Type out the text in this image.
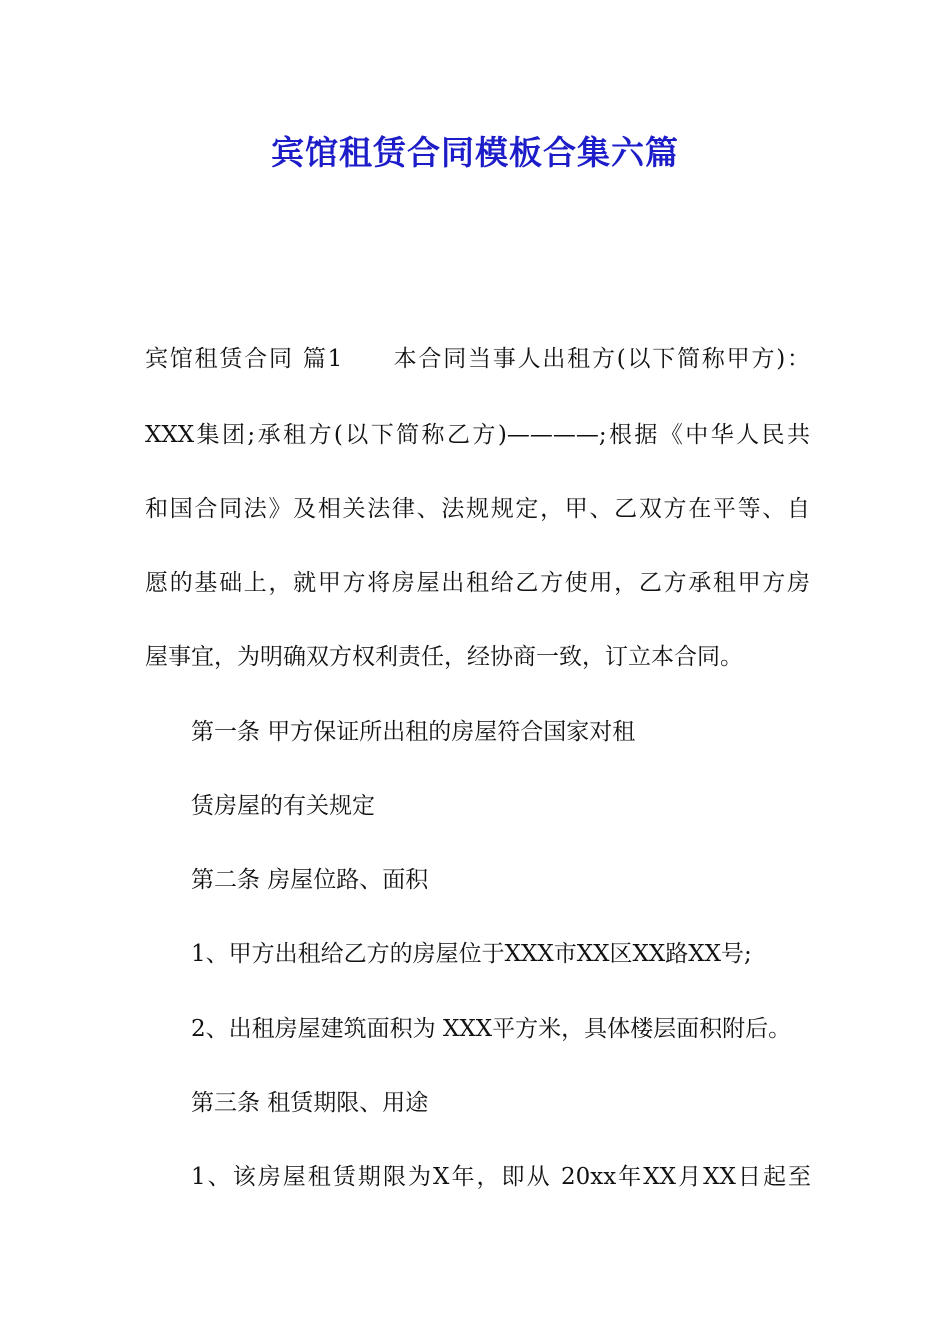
宾馆租赁合同模板合集六篇

宾馆租赁合同 篇1　　本合同当事人出租方(以下简称甲方)：

XXX集团;承租方(以下简称乙方)————;根据《中华人民共

和国合同法》及相关法律、法规规定，甲、乙双方在平等、自

愿的基础上，就甲方将房屋出租给乙方使用，乙方承租甲方房

屋事宜，为明确双方权利责任，经协商一致，订立本合同。

第一条 甲方保证所出租的房屋符合国家对租

赁房屋的有关规定

第二条 房屋位路、面积

1、甲方出租给乙方的房屋位于XXX市XX区XX路XX号;

2、出租房屋建筑面积为 XXX平方米，具体楼层面积附后。

第三条 租赁期限、用途

1、该房屋租赁期限为X年，即从 20xx年XX月XX日起至
